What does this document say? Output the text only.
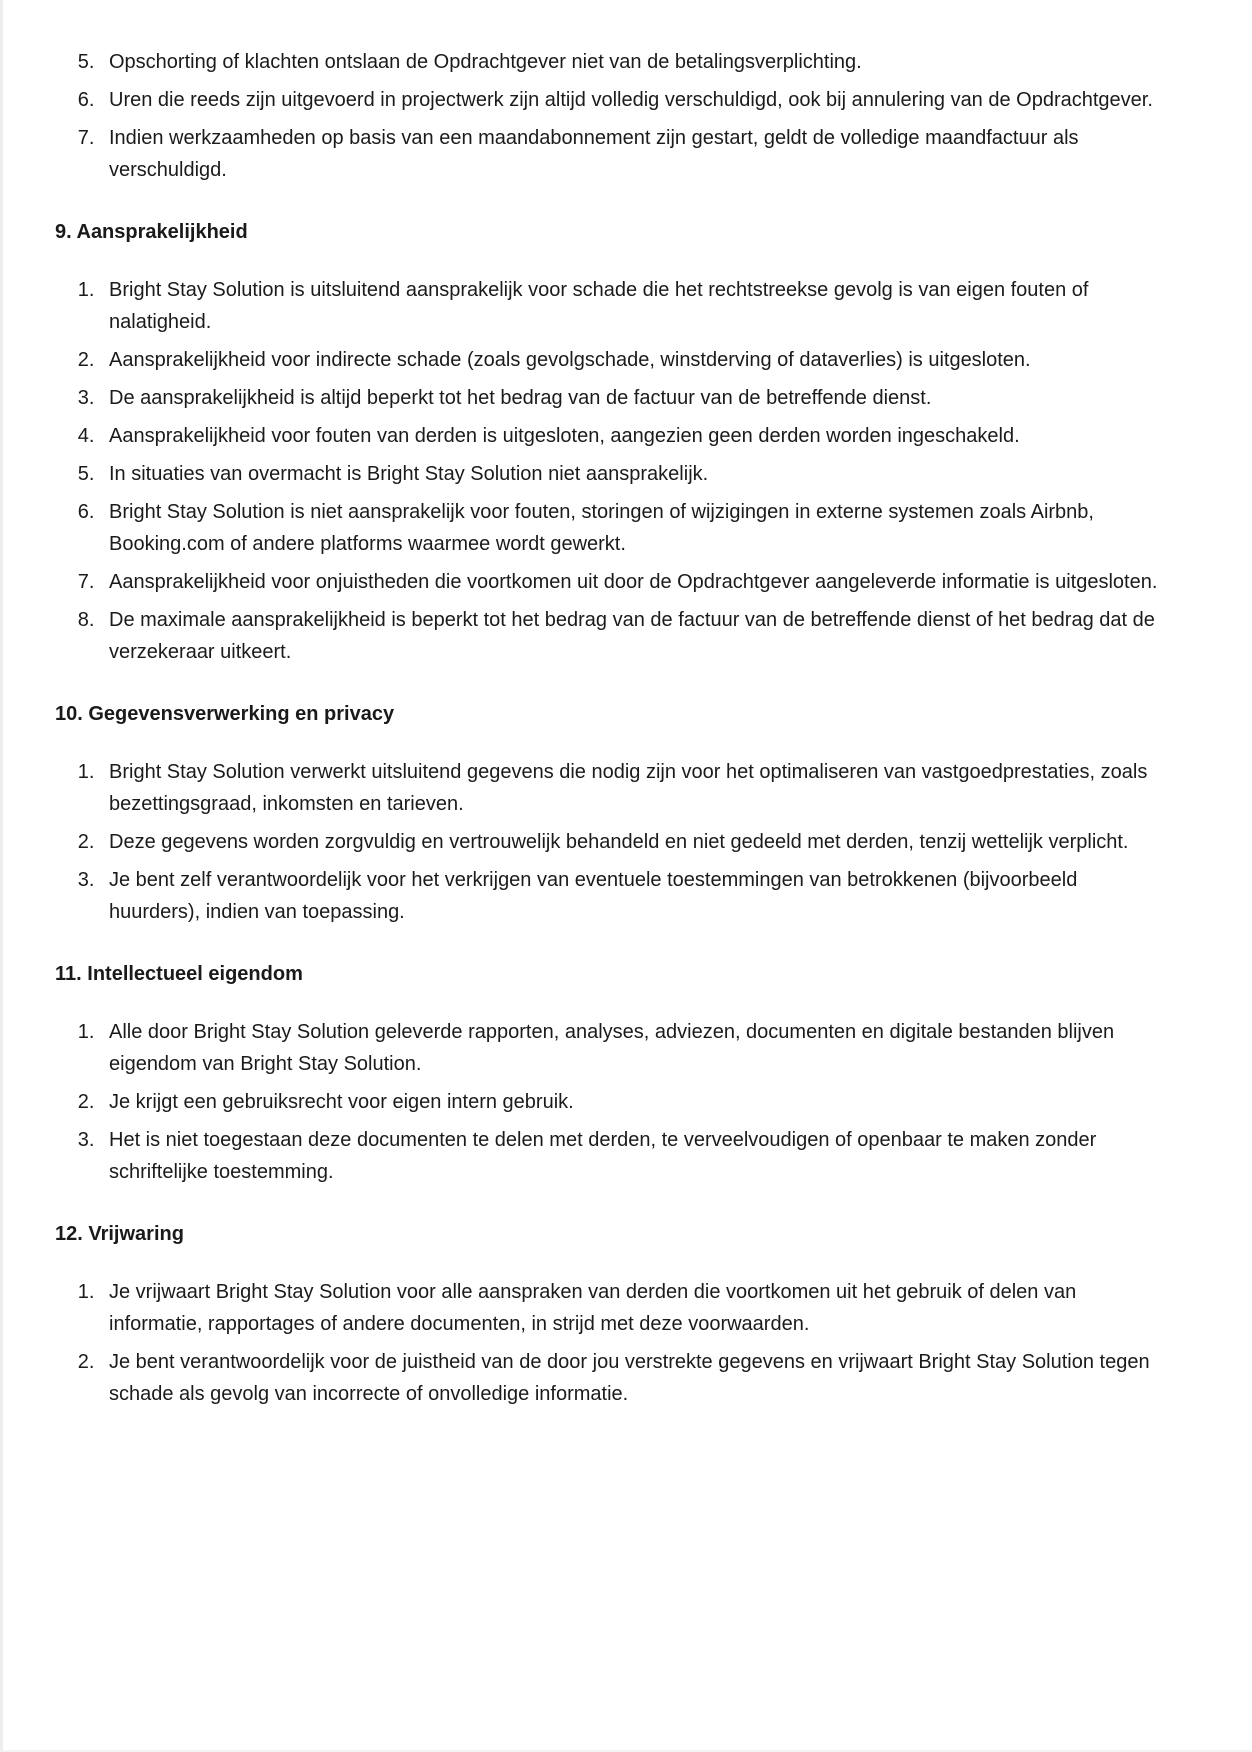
5. Opschorting of klachten ontslaan de Opdrachtgever niet van de betalingsverplichting.
6. Uren die reeds zijn uitgevoerd in projectwerk zijn altijd volledig verschuldigd, ook bij annulering van de Opdrachtgever.
7. Indien werkzaamheden op basis van een maandabonnement zijn gestart, geldt de volledige maandfactuur als verschuldigd.
9. Aansprakelijkheid
1. Bright Stay Solution is uitsluitend aansprakelijk voor schade die het rechtstreekse gevolg is van eigen fouten of nalatigheid.
2. Aansprakelijkheid voor indirecte schade (zoals gevolgschade, winstderving of dataverlies) is uitgesloten.
3. De aansprakelijkheid is altijd beperkt tot het bedrag van de factuur van de betreffende dienst.
4. Aansprakelijkheid voor fouten van derden is uitgesloten, aangezien geen derden worden ingeschakeld.
5. In situaties van overmacht is Bright Stay Solution niet aansprakelijk.
6. Bright Stay Solution is niet aansprakelijk voor fouten, storingen of wijzigingen in externe systemen zoals Airbnb, Booking.com of andere platforms waarmee wordt gewerkt.
7. Aansprakelijkheid voor onjuistheden die voortkomen uit door de Opdrachtgever aangeleverde informatie is uitgesloten.
8. De maximale aansprakelijkheid is beperkt tot het bedrag van de factuur van de betreffende dienst of het bedrag dat de verzekeraar uitkeert.
10. Gegevensverwerking en privacy
1. Bright Stay Solution verwerkt uitsluitend gegevens die nodig zijn voor het optimaliseren van vastgoedprestaties, zoals bezettingsgraad, inkomsten en tarieven.
2. Deze gegevens worden zorgvuldig en vertrouwelijk behandeld en niet gedeeld met derden, tenzij wettelijk verplicht.
3. Je bent zelf verantwoordelijk voor het verkrijgen van eventuele toestemmingen van betrokkenen (bijvoorbeeld huurders), indien van toepassing.
11. Intellectueel eigendom
1. Alle door Bright Stay Solution geleverde rapporten, analyses, adviezen, documenten en digitale bestanden blijven eigendom van Bright Stay Solution.
2. Je krijgt een gebruiksrecht voor eigen intern gebruik.
3. Het is niet toegestaan deze documenten te delen met derden, te verveelvoudigen of openbaar te maken zonder schriftelijke toestemming.
12. Vrijwaring
1. Je vrijwaart Bright Stay Solution voor alle aanspraken van derden die voortkomen uit het gebruik of delen van informatie, rapportages of andere documenten, in strijd met deze voorwaarden.
2. Je bent verantwoordelijk voor de juistheid van de door jou verstrekte gegevens en vrijwaart Bright Stay Solution tegen schade als gevolg van incorrecte of onvolledige informatie.
